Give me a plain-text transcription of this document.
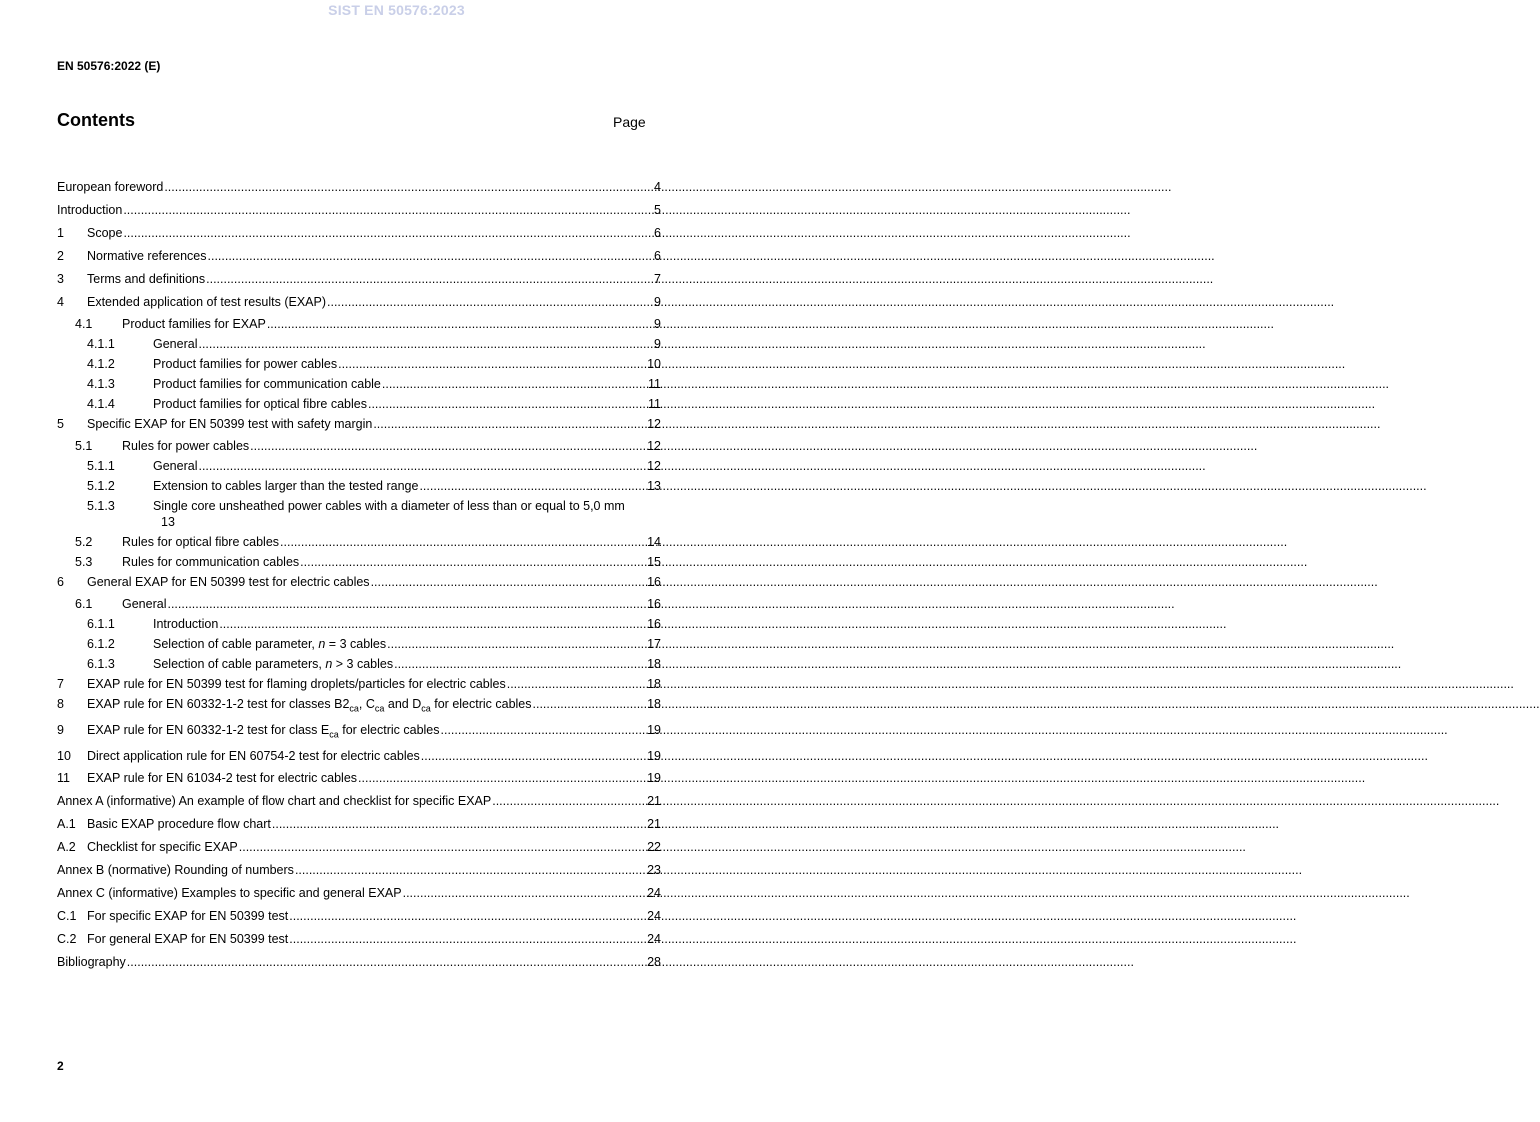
SIST EN 50576:2023
EN 50576:2022 (E)
Contents	Page
European foreword .....	4
Introduction .....	5
1	Scope .....	6
2	Normative references .....	6
3	Terms and definitions .....	7
4	Extended application of test results (EXAP) .....	9
4.1	Product families for EXAP .....	9
4.1.1	General .....	9
4.1.2	Product families for power cables .....	10
4.1.3	Product families for communication cable .....	11
4.1.4	Product families for optical fibre cables .....	11
5	Specific EXAP for EN 50399 test with safety margin .....	12
5.1	Rules for power cables .....	12
5.1.1	General .....	12
5.1.2	Extension to cables larger than the tested range .....	13
5.1.3	Single core unsheathed power cables with a diameter of less than or equal to 5,0 mm
13
5.2	Rules for optical fibre cables .....	14
5.3	Rules for communication cables .....	15
6	General EXAP for EN 50399 test for electric cables .....	16
6.1	General .....	16
6.1.1	Introduction .....	16
6.1.2	Selection of cable parameter, n = 3 cables .....	17
6.1.3	Selection of cable parameters, n > 3 cables .....	18
7	EXAP rule for EN 50399 test for flaming droplets/particles for electric cables .....	18
8	EXAP rule for EN 60332-1-2 test for classes $B2_{ca}$, $C_{ca}$ and $D_{ca}$ for electric cables .....	18
9	EXAP rule for EN 60332-1-2 test for class $E_{ca}$ for electric cables .....	19
10	Direct application rule for EN 60754-2 test for electric cables .....	19
11	EXAP rule for EN 61034-2 test for electric cables .....	19
Annex A (informative) An example of flow chart and checklist for specific EXAP .....	21
A.1 Basic EXAP procedure flow chart .....	21
A.2 Checklist for specific EXAP .....	22
Annex B (normative) Rounding of numbers .....	23
Annex C (informative) Examples to specific and general EXAP .....	24
C.1 For specific EXAP for EN 50399 test .....	24
C.2 For general EXAP for EN 50399 test .....	24
Bibliography .....	28
2
